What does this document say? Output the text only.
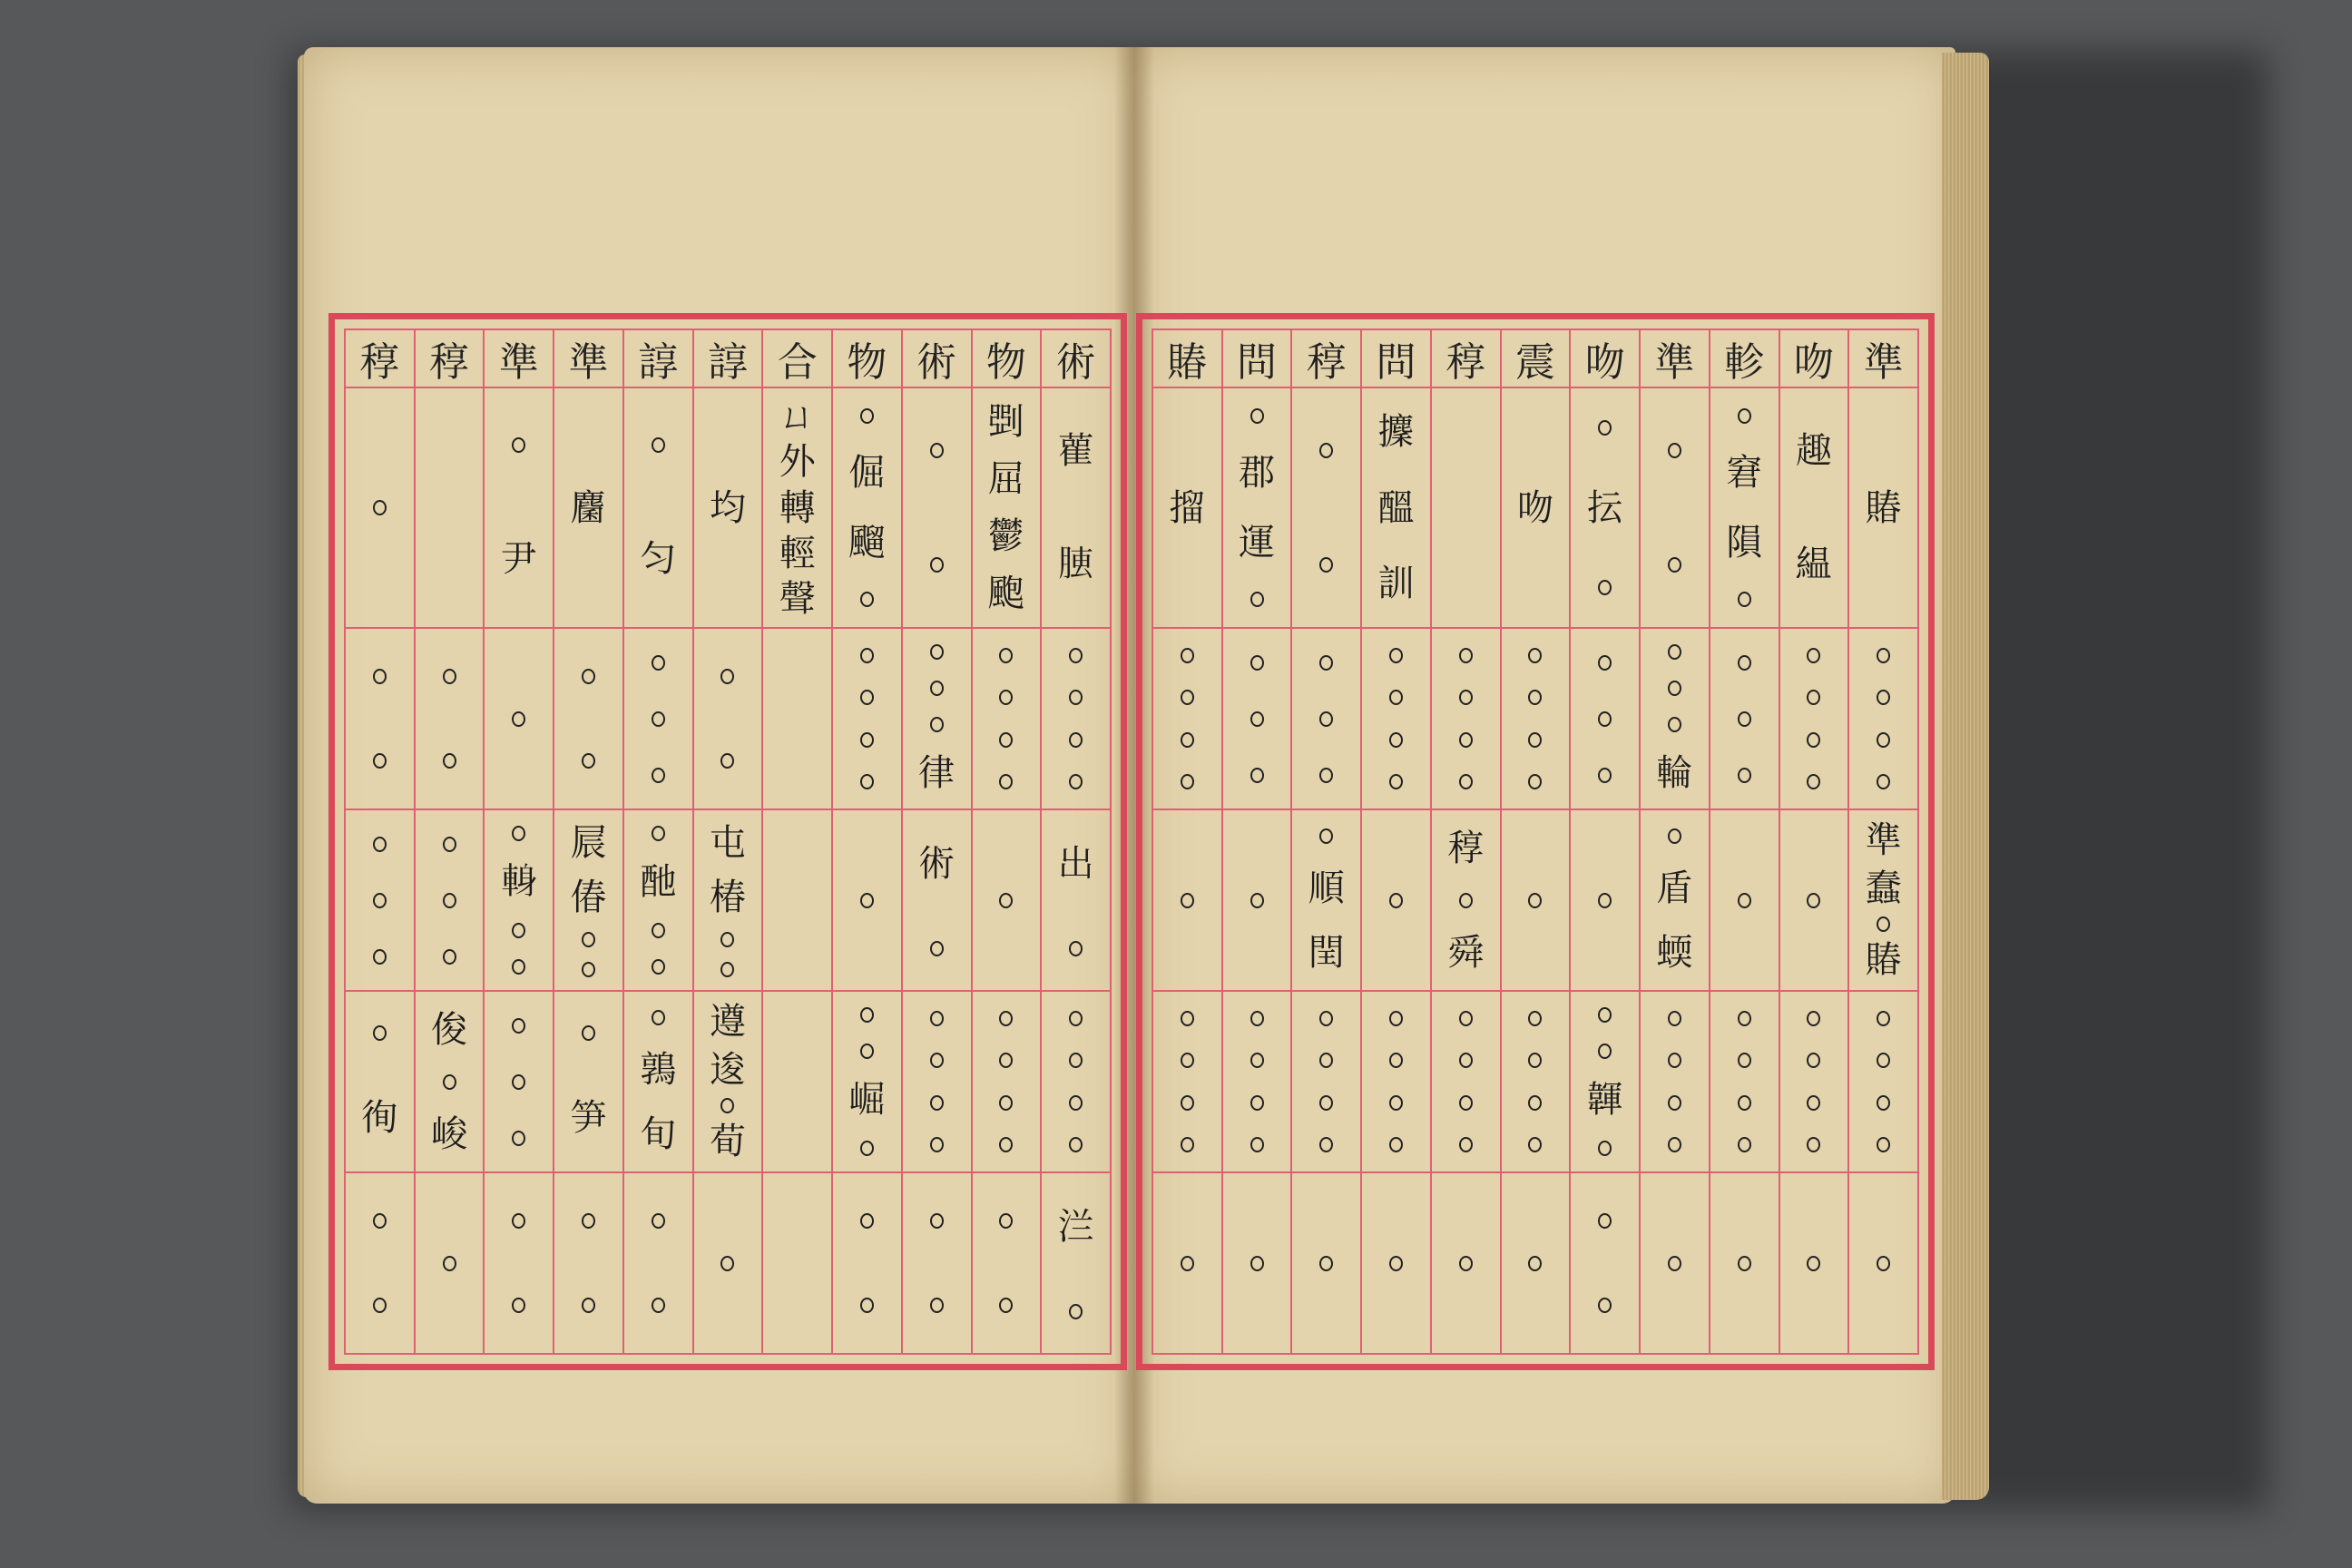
術
雚
𦝏
出
㳕
物
㓸
屈
鬱
颮
術
律
術
物
倔
飀
崛
合
ㄩ
外
轉
輕
聲
諄
均
屯
椿
遵
逡
荀
諄
匀
酏
鶉
旬
準
麕
屒
偆
笋
準
尹
𨌈
稕
俊
峻
稕
徇
準
賰
準
蠢
賰
吻
趣
緼
軫
窘
隕
準
輪
盾
蝡
吻
抎
韗
震
吻
稕
稕
舜
問
攈
醞
訓
稕
順
閏
問
郡
運
賰
㨨
